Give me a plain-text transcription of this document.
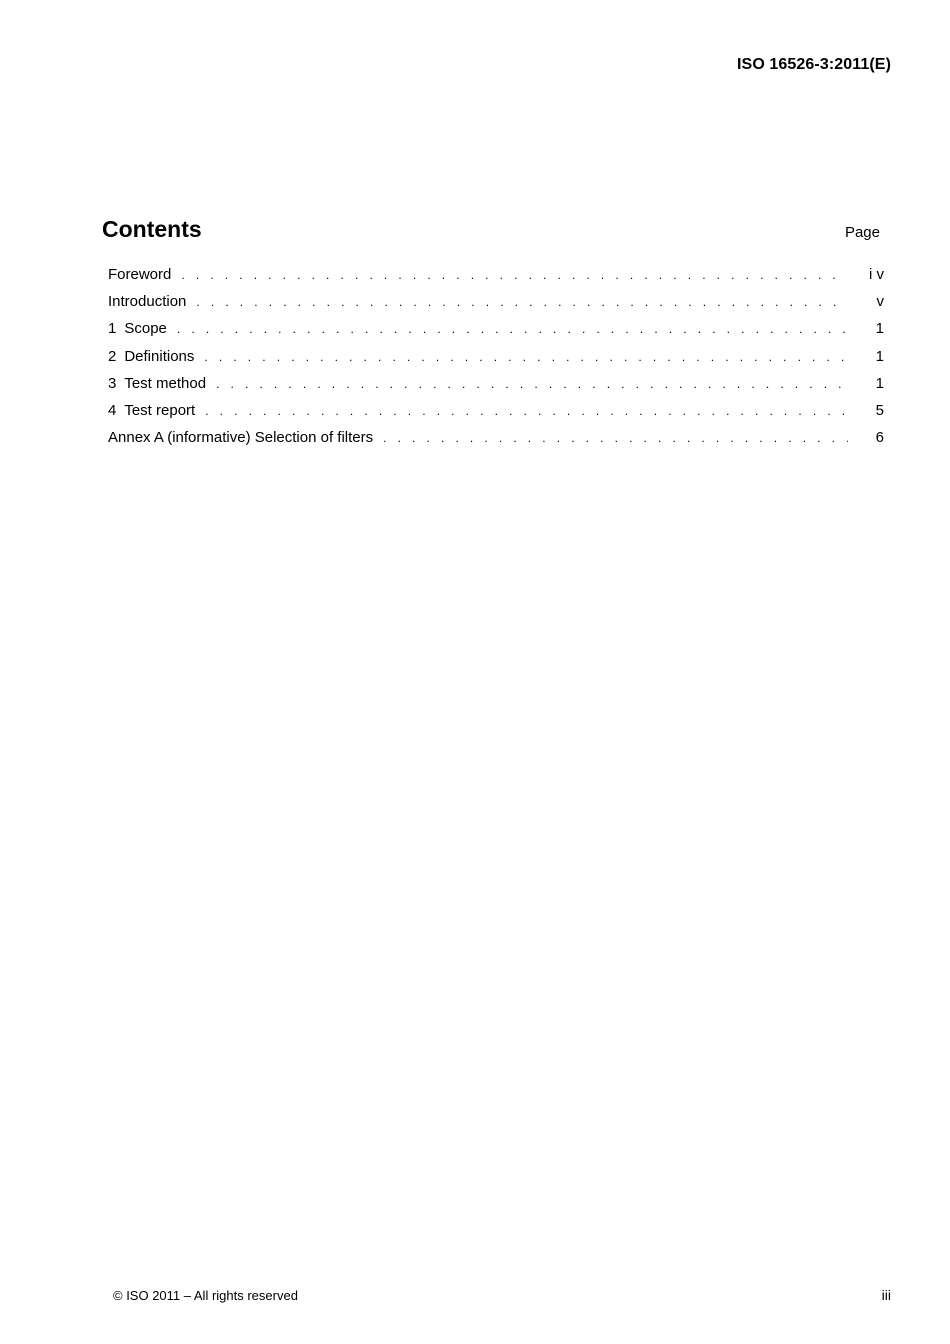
ISO 16526-3:2011(E)
Contents	Page
Foreword . . .	i v
Introduction . . .	v
1 Scope . . .	1
2 Definitions . . .	1
3 Test method . . .	1
4 Test report . . .	5
Annex A (informative) Selection of filters . . .	6
© ISO 2011 – All rights reserved	iii
